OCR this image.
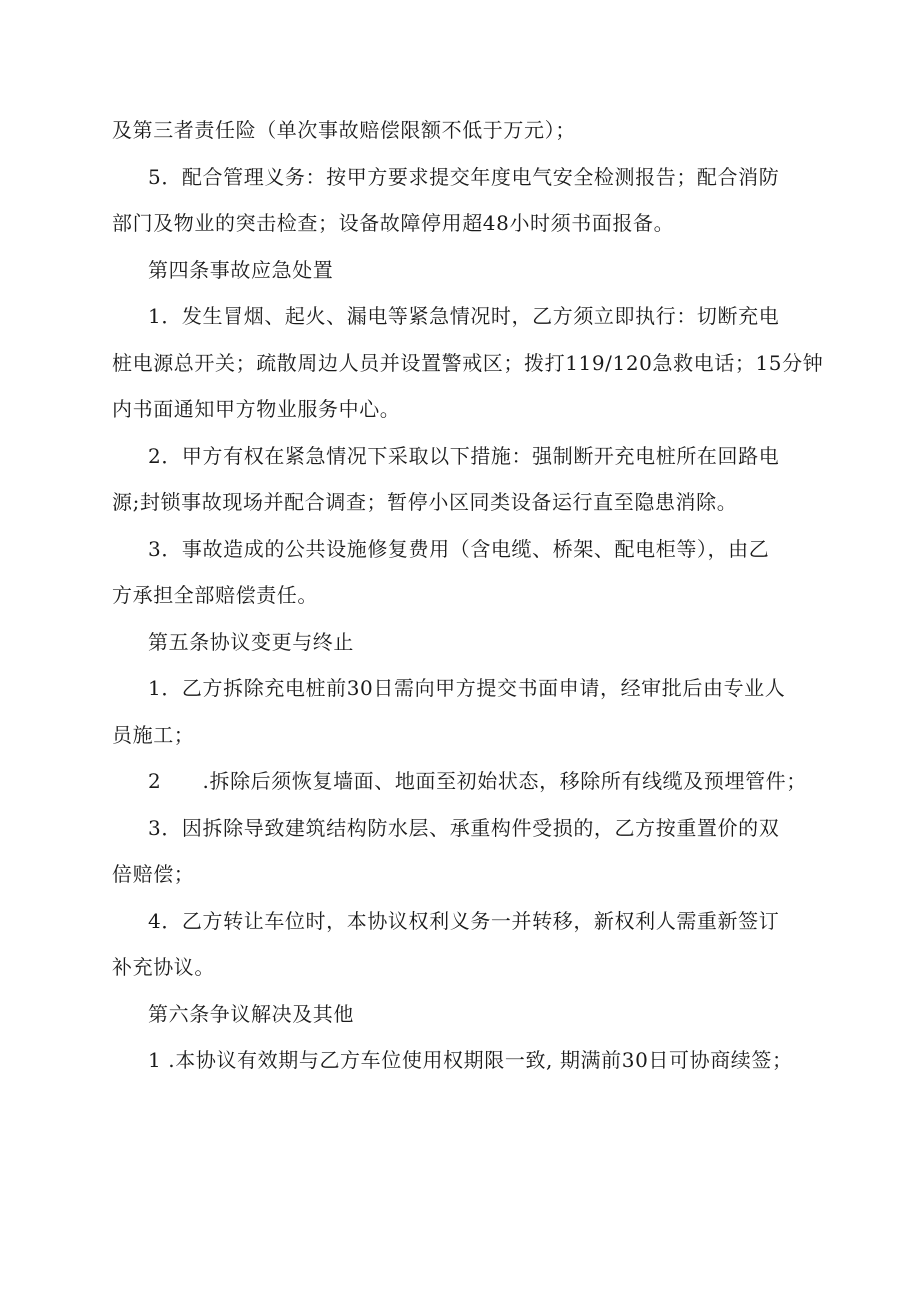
及第三者责任险（单次事故赔偿限额不低于万元）；
5．配合管理义务：按甲方要求提交年度电气安全检测报告；配合消防
部门及物业的突击检查；设备故障停用超48小时须书面报备。
第四条事故应急处置
1．发生冒烟、起火、漏电等紧急情况时，乙方须立即执行：切断充电
桩电源总开关；疏散周边人员并设置警戒区；拨打119/120急救电话；15分钟
内书面通知甲方物业服务中心。
2．甲方有权在紧急情况下采取以下措施：强制断开充电桩所在回路电
源;封锁事故现场并配合调查；暂停小区同类设备运行直至隐患消除。
3．事故造成的公共设施修复费用（含电缆、桥架、配电柜等），由乙
方承担全部赔偿责任。
第五条协议变更与终止
1．乙方拆除充电桩前30日需向甲方提交书面申请，经审批后由专业人
员施工；
2　　.拆除后须恢复墙面、地面至初始状态，移除所有线缆及预埋管件；
3．因拆除导致建筑结构防水层、承重构件受损的，乙方按重置价的双
倍赔偿；
4．乙方转让车位时，本协议权利义务一并转移，新权利人需重新签订
补充协议。
第六条争议解决及其他
1 .本协议有效期与乙方车位使用权期限一致, 期满前30日可协商续签；
